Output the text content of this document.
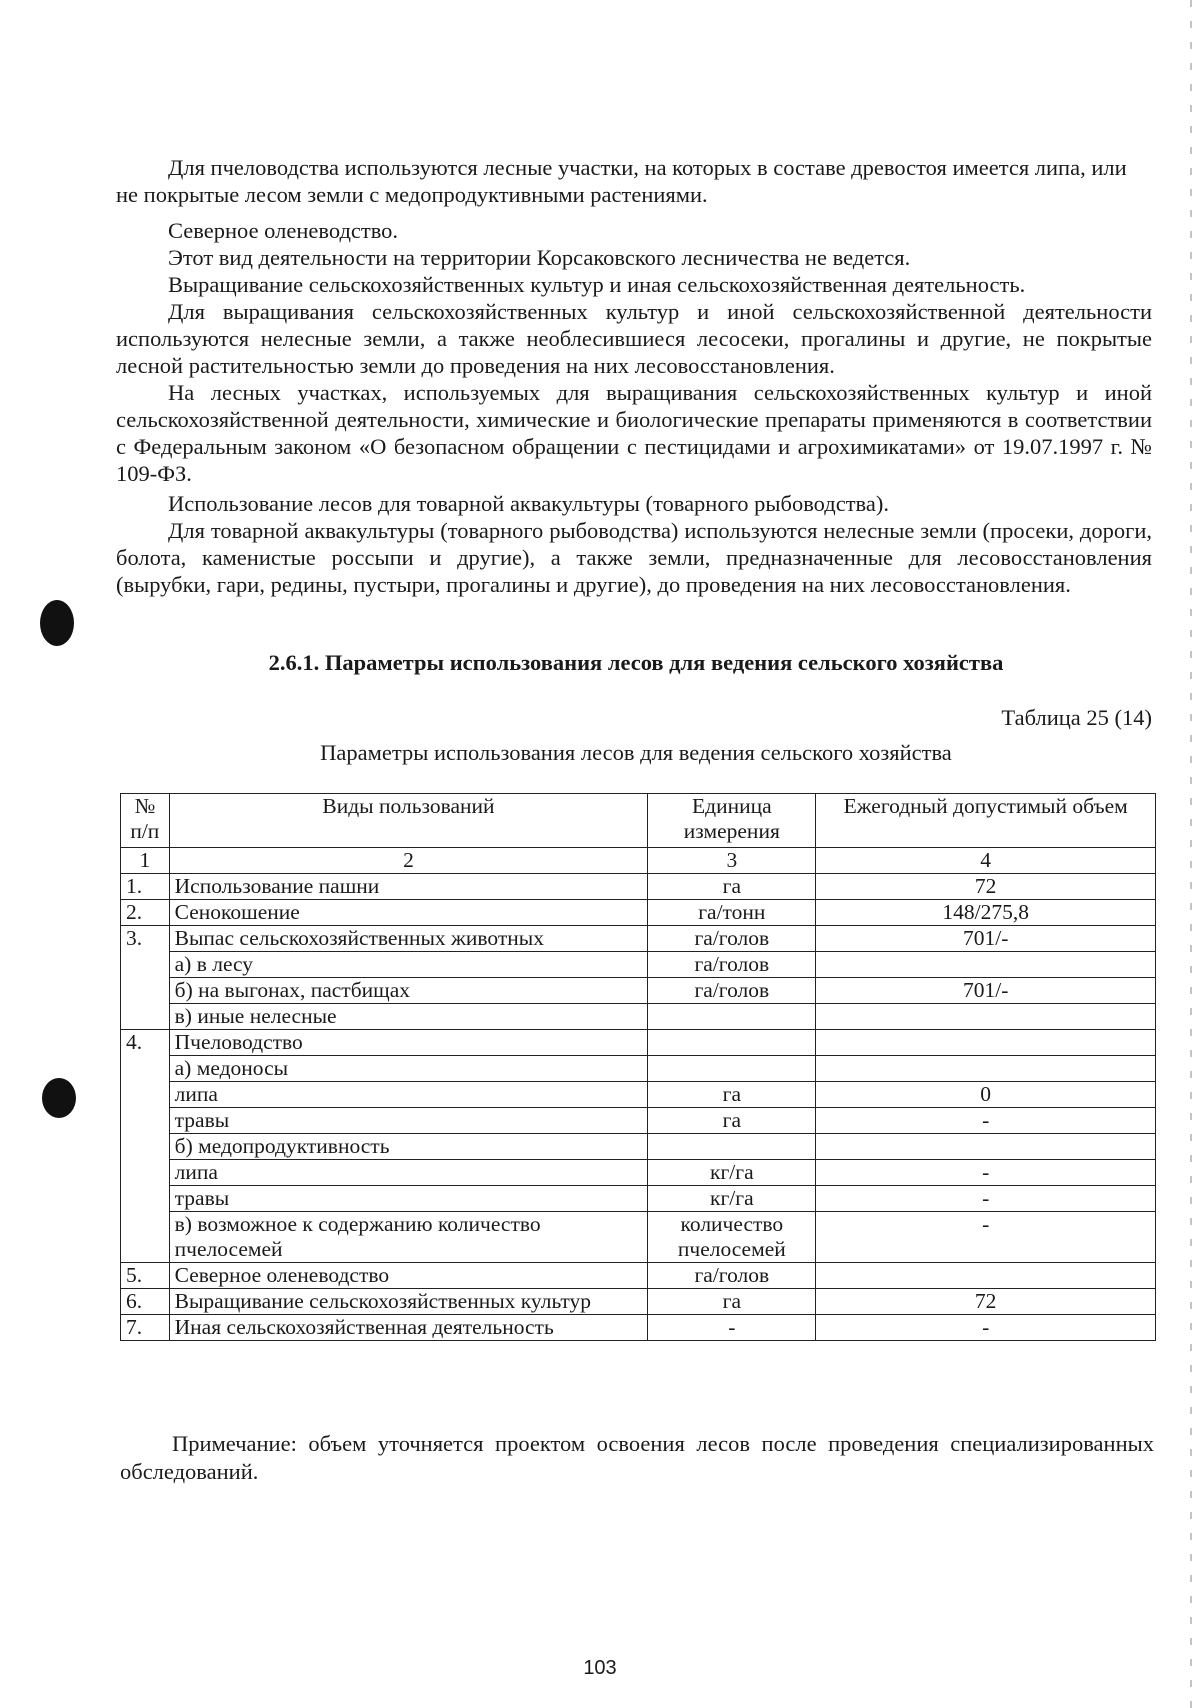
Для пчеловодства используются лесные участки, на которых в составе древостоя имеется липа, или не покрытые лесом земли с медопродуктивными растениями.

Северное оленеводство.

Этот вид деятельности на территории Корсаковского лесничества не ведется.

Выращивание сельскохозяйственных культур и иная сельскохозяйственная деятельность.

Для выращивания сельскохозяйственных культур и иной сельскохозяйственной деятельности используются нелесные земли, а также необлесившиеся лесосеки, прогалины и другие, не покрытые лесной растительностью земли до проведения на них лесовосстановления.

На лесных участках, используемых для выращивания сельскохозяйственных культур и иной сельскохозяйственной деятельности, химические и биологические препараты применяются в соответствии с Федеральным законом «О безопасном обращении с пестицидами и агрохимикатами» от 19.07.1997 г. № 109-ФЗ.

Использование лесов для товарной аквакультуры (товарного рыбоводства).

Для товарной аквакультуры (товарного рыбоводства) используются нелесные земли (просеки, дороги, болота, каменистые россыпи и другие), а также земли, предназначенные для лесовосстановления (вырубки, гари, редины, пустыри, прогалины и другие), до проведения на них лесовосстановления.

2.6.1. Параметры использования лесов для ведения сельского хозяйства
Таблица 25 (14)
Параметры использования лесов для ведения сельского хозяйства
№ п/п	Виды пользований	Единица измерения	Ежегодный допустимый объем
1	2	3	4
1.	Использование пашни	га	72
2.	Сенокошение	га/тонн	148/275,8
3.	Выпас сельскохозяйственных животных	га/голов	701/-
	а) в лесу	га/голов	
	б) на выгонах, пастбищах	га/голов	701/-
	в) иные нелесные		
4.	Пчеловодство		
	а) медоносы		
	липа	га	0
	травы	га	-
	б) медопродуктивность		
	липа	кг/га	-
	травы	кг/га	-
	в) возможное к содержанию количество пчелосемей	количество пчелосемей	-
5.	Северное оленеводство	га/голов	
6.	Выращивание сельскохозяйственных культур	га	72
7.	Иная сельскохозяйственная деятельность	-	-

Примечание: объем уточняется проектом освоения лесов после проведения специализированных обследований.

103
